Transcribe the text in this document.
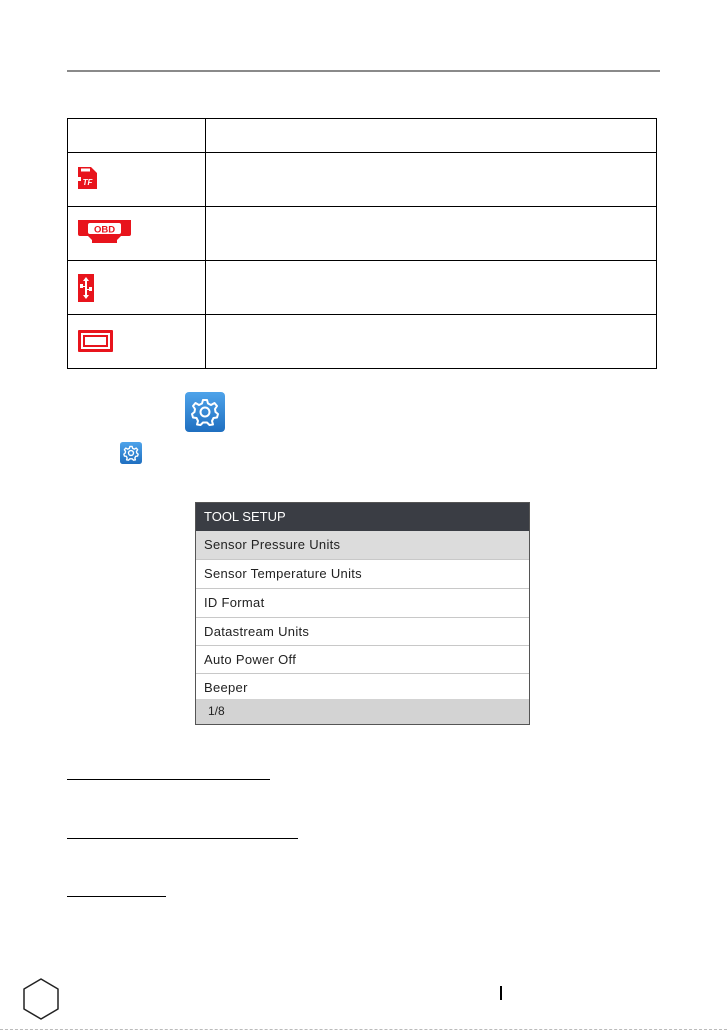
TF	

OBD	

TOOL SETUP
Sensor Pressure Units
Sensor Temperature Units
ID Format
Datastream Units
Auto Power Off
Beeper
1/8
